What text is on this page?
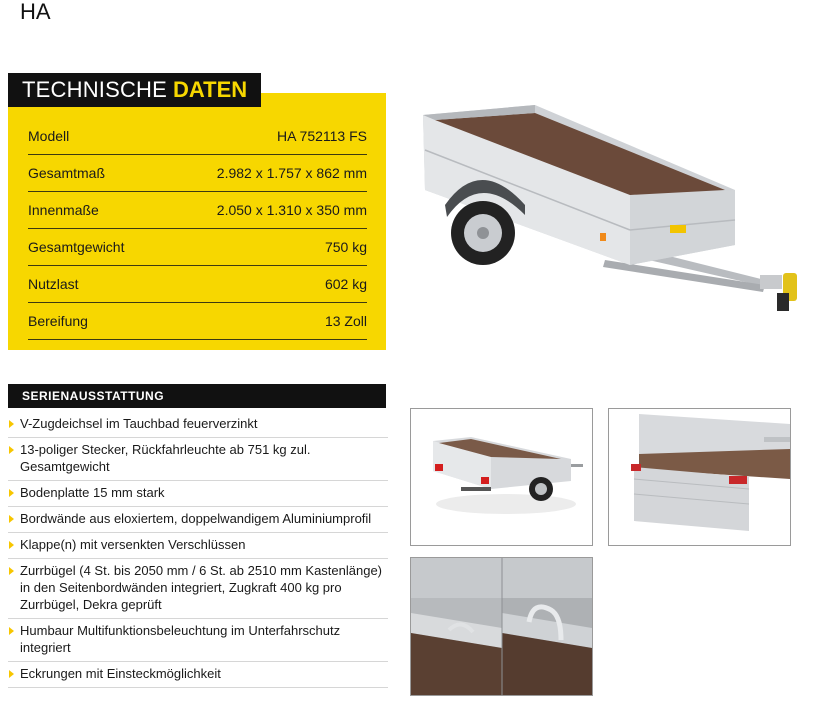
HA
TECHNISCHE DATEN
Modell	HA 752113 FS
Gesamtmaß	2.982 x 1.757 x 862 mm
Innenmaße	2.050 x 1.310 x 350 mm
Gesamtgewicht	750 kg
Nutzlast	602 kg
Bereifung	13 Zoll
SERIENAUSSTATTUNG
V-Zugdeichsel im Tauchbad feuerverzinkt
13-poliger Stecker, Rückfahrleuchte ab 751 kg zul. Gesamtgewicht
Bodenplatte 15 mm stark
Bordwände aus eloxiertem, doppelwandigem Aluminiumprofil
Klappe(n) mit versenkten Verschlüssen
Zurrbügel (4 St. bis 2050 mm / 6 St. ab 2510 mm Kastenlänge) in den Seitenbordwänden integriert, Zugkraft 400 kg pro Zurrbügel, Dekra geprüft
Humbaur Multifunktionsbeleuchtung im Unterfahrschutz integriert
Eckrungen mit Einsteckmöglichkeit
